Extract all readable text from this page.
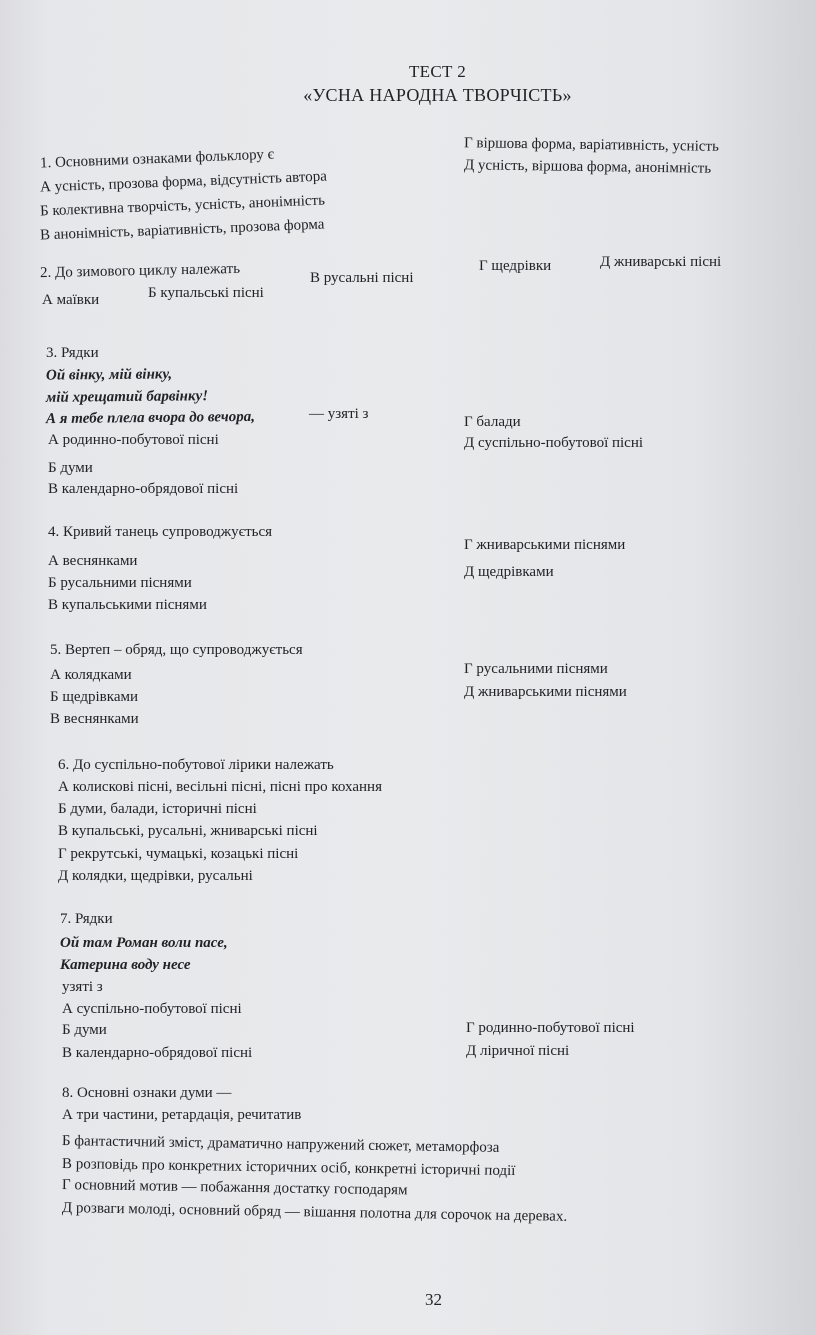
ТЕСТ 2
«УСНА НАРОДНА ТВОРЧІСТЬ»
1. Основними ознаками фольклору є
А усність, прозова форма, відсутність автора
Б колективна творчість, усність, анонімність
В анонімність, варіативність, прозова форма
Г віршова форма, варіативність, усність
Д усність, віршова форма, анонімність
2. До зимового циклу належать
А маївки	Б купальські пісні
В русальні пісні
Г щедрівки	Д жниварські пісні
3. Рядки
Ой вінку, мій вінку,
мій хрещатий барвінку!
А я тебе плела вчора до вечора,	— узяті з
А родинно-побутової пісні
Б думи
В календарно-обрядової пісні
Г балади
Д суспільно-побутової пісні
4. Кривий танець супроводжується
А веснянками
Б русальними піснями
В купальськими піснями
Г жниварськими піснями
Д щедрівками
5. Вертеп – обряд, що супроводжується
А колядками
Б щедрівками
В веснянками
Г русальними піснями
Д жниварськими піснями
6. До суспільно-побутової лірики належать
А колискові пісні, весільні пісні, пісні про кохання
Б думи, балади, історичні пісні
В купальські, русальні, жниварські пісні
Г рекрутські, чумацькі, козацькі пісні
Д колядки, щедрівки, русальні
7. Рядки
Ой там Роман воли пасе,
Катерина воду несе
узяті з
А суспільно-побутової пісні
Б думи
В календарно-обрядової пісні
Г родинно-побутової пісні
Д ліричної пісні
8. Основні ознаки думи —
А три частини, ретардація, речитатив
Б фантастичний зміст, драматично напружений сюжет, метаморфоза
В розповідь про конкретних історичних осіб, конкретні історичні події
Г основний мотив — побажання достатку господарям
Д розваги молоді, основний обряд — вішання полотна для сорочок на деревах.
32
